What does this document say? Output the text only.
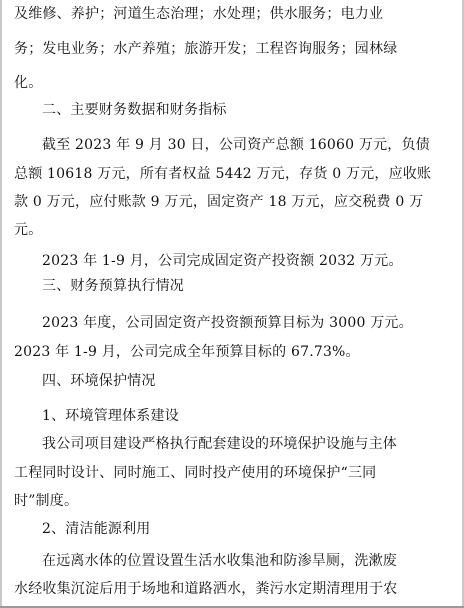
及维修、养护；河道生态治理；水处理；供水服务；电力业
务；发电业务；水产养殖；旅游开发；工程咨询服务；园林绿
化。
二、主要财务数据和财务指标
截至 2023 年 9 月 30 日，公司资产总额 16060 万元，负债
总额 10618 万元，所有者权益 5442 万元，存货 0 万元，应收账
款 0 万元，应付账款 9 万元，固定资产 18 万元，应交税费 0 万
元。
2023 年 1-9 月，公司完成固定资产投资额 2032 万元。
三、财务预算执行情况
2023 年度，公司固定资产投资额预算目标为 3000 万元。
2023 年 1-9 月，公司完成全年预算目标的 67.73%。
四、环境保护情况
1、环境管理体系建设
我公司项目建设严格执行配套建设的环境保护设施与主体
工程同时设计、同时施工、同时投产使用的环境保护“三同
时”制度。
2、清洁能源利用
在远离水体的位置设置生活水收集池和防渗旱厕，洗漱废
水经收集沉淀后用于场地和道路洒水，粪污水定期清理用于农
